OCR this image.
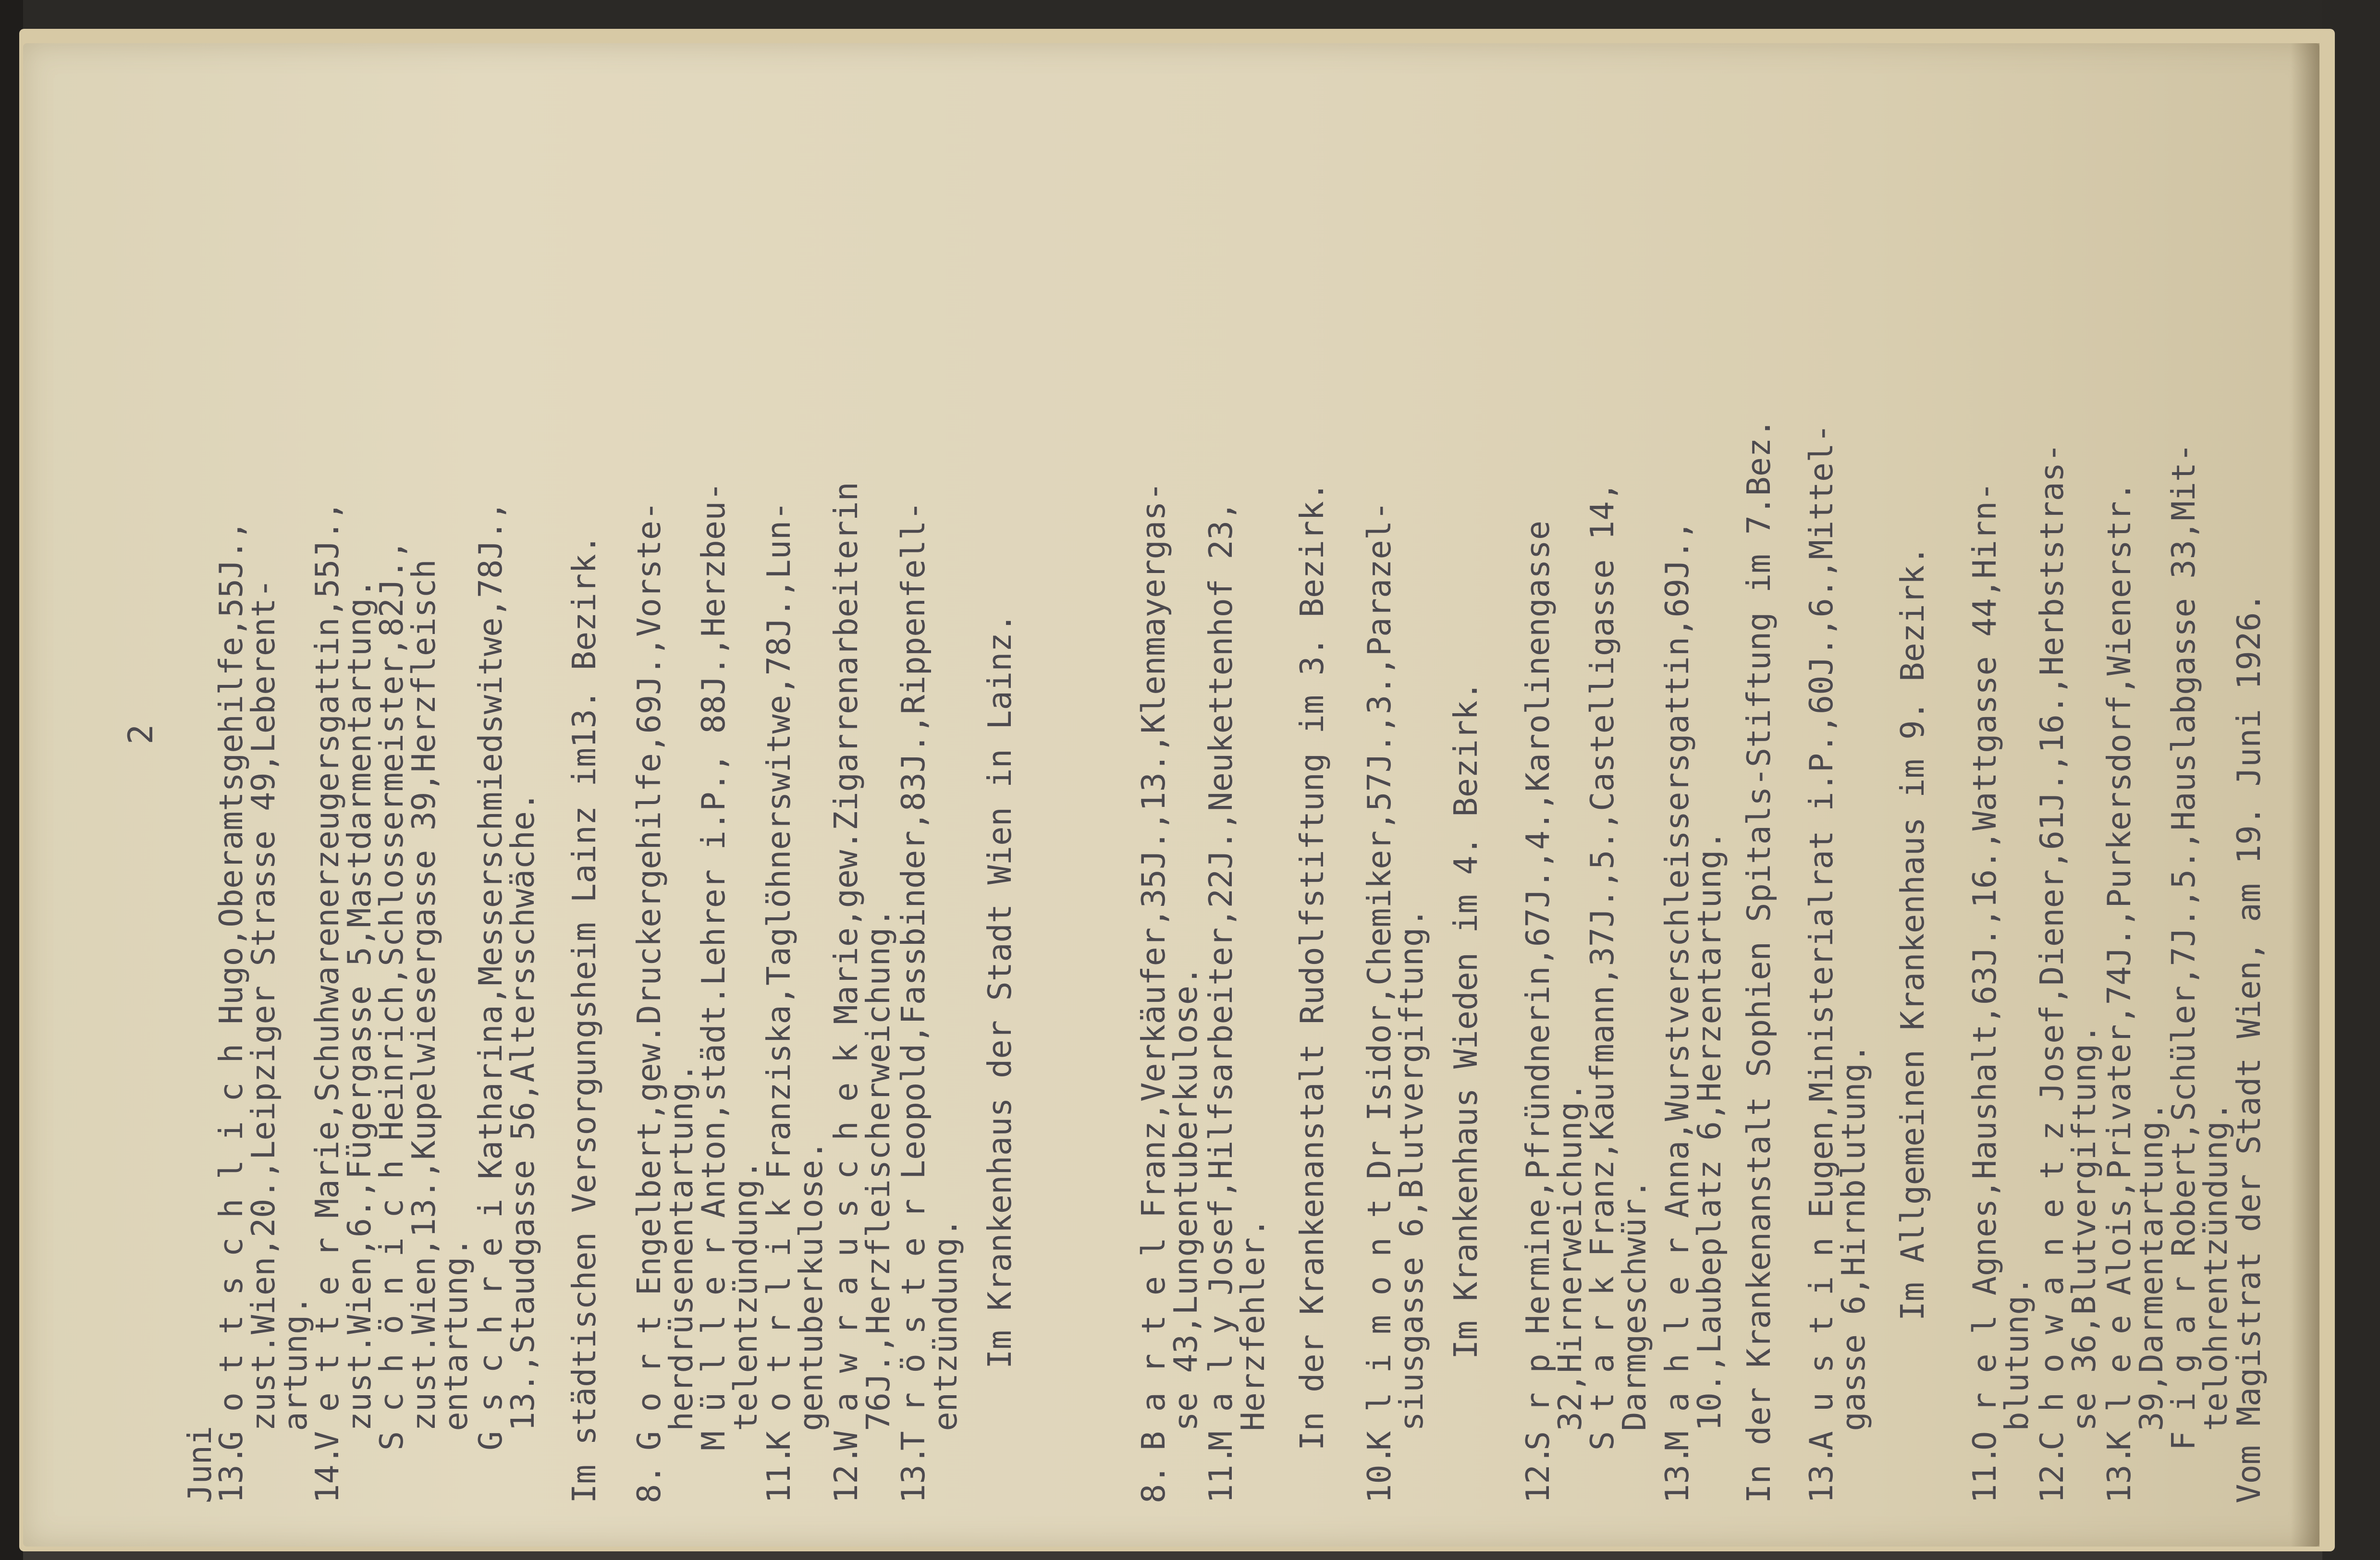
2
Juni
13.
G o t t s c h l i c h Hugo,Oberamtsgehilfe,55J.,
zust.Wien,20.,Leipziger Strasse 49,Leberent-
artung.
14.
V e t t e r Marie,Schuhwarenerzeugersgattin,55J.,
zust.Wien,6.,Fügergasse 5,Mastdarmentartung.
S c h ö n i c h Heinrich,Schlossermeister,82J.,
zust.Wien,13.,Kupelwiesergasse 39,Herzfleisch
entartung.
G s c h r e i Katharina,Messerschmiedswitwe,78J.,
13.,Staudgasse 56,Altersschwäche. Im städtischen Versorgungsheim Lainz im13. Bezirk. 8.
G o r t Engelbert,gew.Druckergehilfe,69J.,Vorste-
herdrüsenentartung.
M ü l l e r Anton,städt.Lehrer i.P., 88J.,Herzbeu-
telentzündung.
11.
K o t r l i k Franziska,Taglöhnerswitwe,78J.,Lun-
gentuberkulose.
12.
W a w r a u s c h e k Marie,gew.Zigarrenarbeiterin
76J.,Herzfleischerweichung.
13.
T r ö s t e r Leopold,Fassbinder,83J.,Rippenfell-
entzündung. Im Krankenhaus der Stadt Wien in Lainz.
8.
B a r t e l Franz,Verkäufer,35J.,13.,Klenmayergas-
se 43,Lungentuberkulose.
11.
M a l y Josef,Hilfsarbeiter,22J.,Neukettenhof 23,
Herzfehler. In der Krankenanstalt Rudolfstiftung im 3. Bezirk.
10.
K l i m o n t Dr Isidor,Chemiker,57J.,3.,Parazel-
siusgasse 6,Blutvergiftung. Im Krankenhaus Wieden im 4. Bezirk.
12.
S r p Hermine,Pfründnerin,67J.,4.,Karolinengasse
32,Hirnerweichung.
S t a r k Franz,Kaufmann,37J.,5.,Castelligasse 14,
Darmgeschwür.
13.
M a h l e r Anna,Wurstverschleissersgattin,69J.,
10.,Laubeplatz 6,Herzentartung. In der Krankenanstalt Sophien Spitals-Stiftung im 7.Bez. 13.
A u s t i n Eugen,Ministerialrat i.P.,60J.,6.,Mittel-
gasse 6,Hirnblutung. Im Allgemeinen Krankenhaus im 9. Bezirk.
11.
O r e l Agnes,Haushalt,63J.,16.,Wattgasse 44,Hirn-
blutung.
12.
C h o w a n e t z Josef,Diener,61J.,16.,Herbststras-
se 36,Blutvergiftung.
13.
K l e e Alois,Privater,74J.,Purkersdorf,Wienerstr.
39,Darmentartung.
F i g a r Robert,Schüler,7J.,5.,Hauslabgasse 33,Mit-
telohrentzündung.
Vom Magistrat der Stadt Wien, am 19. Juni 1926.
